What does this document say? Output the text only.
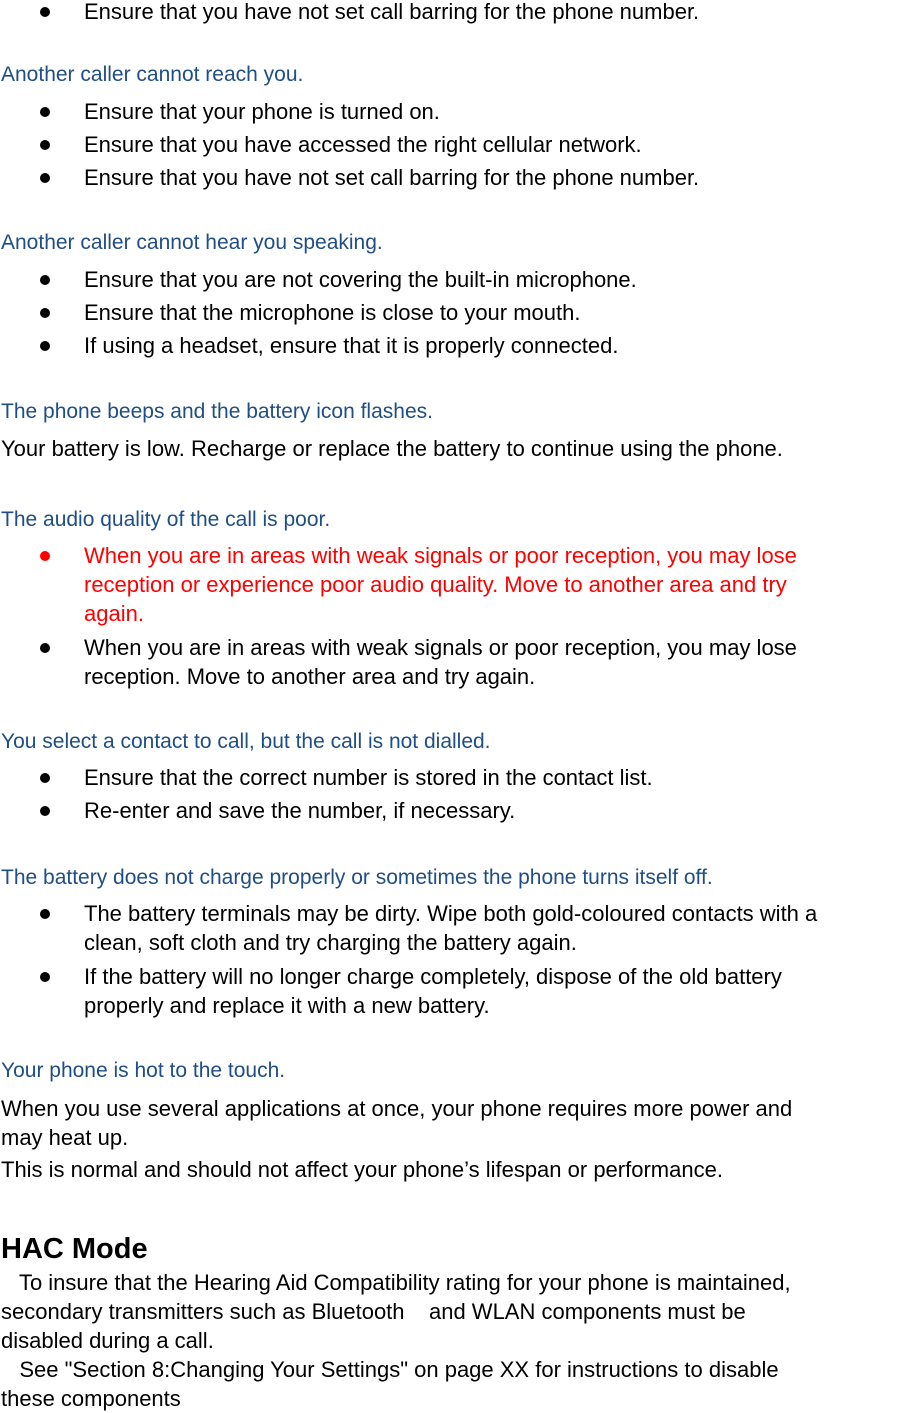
Ensure that you have not set call barring for the phone number.
Another caller cannot reach you.
Ensure that your phone is turned on.
Ensure that you have accessed the right cellular network.
Ensure that you have not set call barring for the phone number.
Another caller cannot hear you speaking.
Ensure that you are not covering the built-in microphone.
Ensure that the microphone is close to your mouth.
If using a headset, ensure that it is properly connected.
The phone beeps and the battery icon flashes.
Your battery is low. Recharge or replace the battery to continue using the phone.
The audio quality of the call is poor.
When you are in areas with weak signals or poor reception, you may lose
reception or experience poor audio quality. Move to another area and try
again.
When you are in areas with weak signals or poor reception, you may lose
reception. Move to another area and try again.
You select a contact to call, but the call is not dialled.
Ensure that the correct number is stored in the contact list.
Re-enter and save the number, if necessary.
The battery does not charge properly or sometimes the phone turns itself off.
The battery terminals may be dirty. Wipe both gold-coloured contacts with a
clean, soft cloth and try charging the battery again.
If the battery will no longer charge completely, dispose of the old battery
properly and replace it with a new battery.
Your phone is hot to the touch.
When you use several applications at once, your phone requires more power and
may heat up.
This is normal and should not affect your phone’s lifespan or performance.
HAC Mode
To insure that the Hearing Aid Compatibility rating for your phone is maintained,
secondary transmitters such as Bluetooth    and WLAN components must be
disabled during a call.
See "Section 8:Changing Your Settings" on page XX for instructions to disable
these components
